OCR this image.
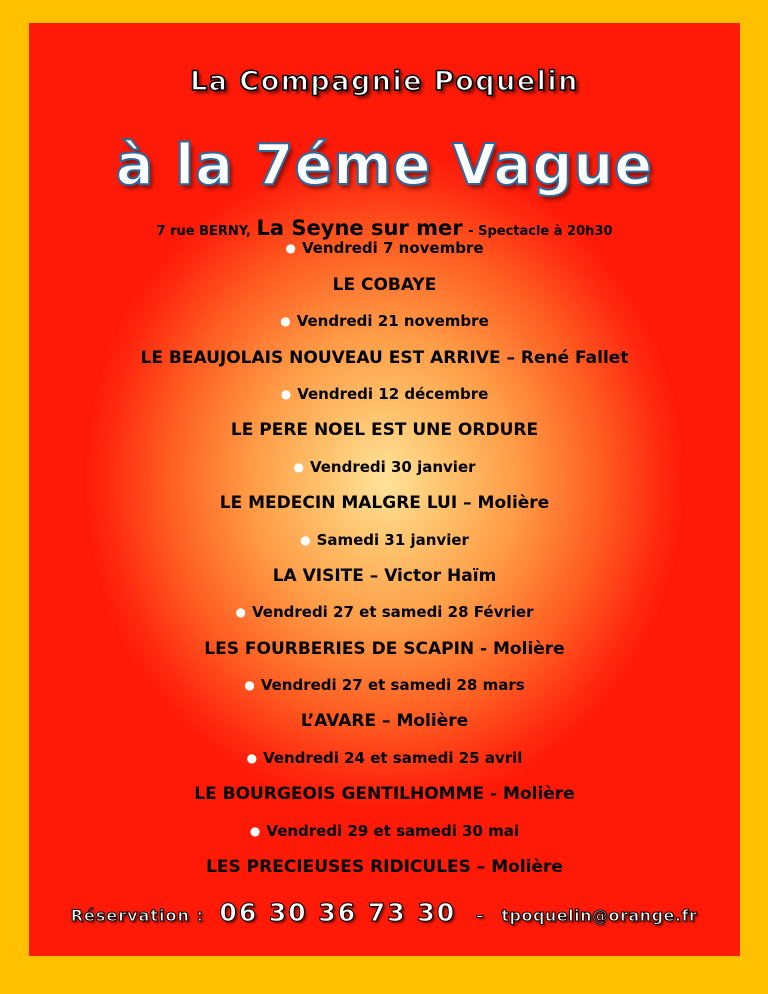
La Compagnie Poquelin
à la 7éme Vague
7 rue BERNY, La Seyne sur mer - Spectacle à 20h30
● Vendredi 7 novembre
LE COBAYE
● Vendredi 21 novembre
LE BEAUJOLAIS NOUVEAU EST ARRIVE – René Fallet
● Vendredi 12 décembre
LE PERE NOEL EST UNE ORDURE
● Vendredi 30 janvier
LE MEDECIN MALGRE LUI – Molière
● Samedi 31 janvier
LA VISITE – Victor Haïm
● Vendredi 27 et samedi 28 Février
LES FOURBERIES DE SCAPIN - Molière
● Vendredi 27 et samedi 28 mars
L’AVARE – Molière
● Vendredi 24 et samedi 25 avril
LE BOURGEOIS GENTILHOMME - Molière
● Vendredi 29 et samedi 30 mai
LES PRECIEUSES RIDICULES – Molière
Réservation : 06 30 36 73 30 – tpoquelin@orange.fr
